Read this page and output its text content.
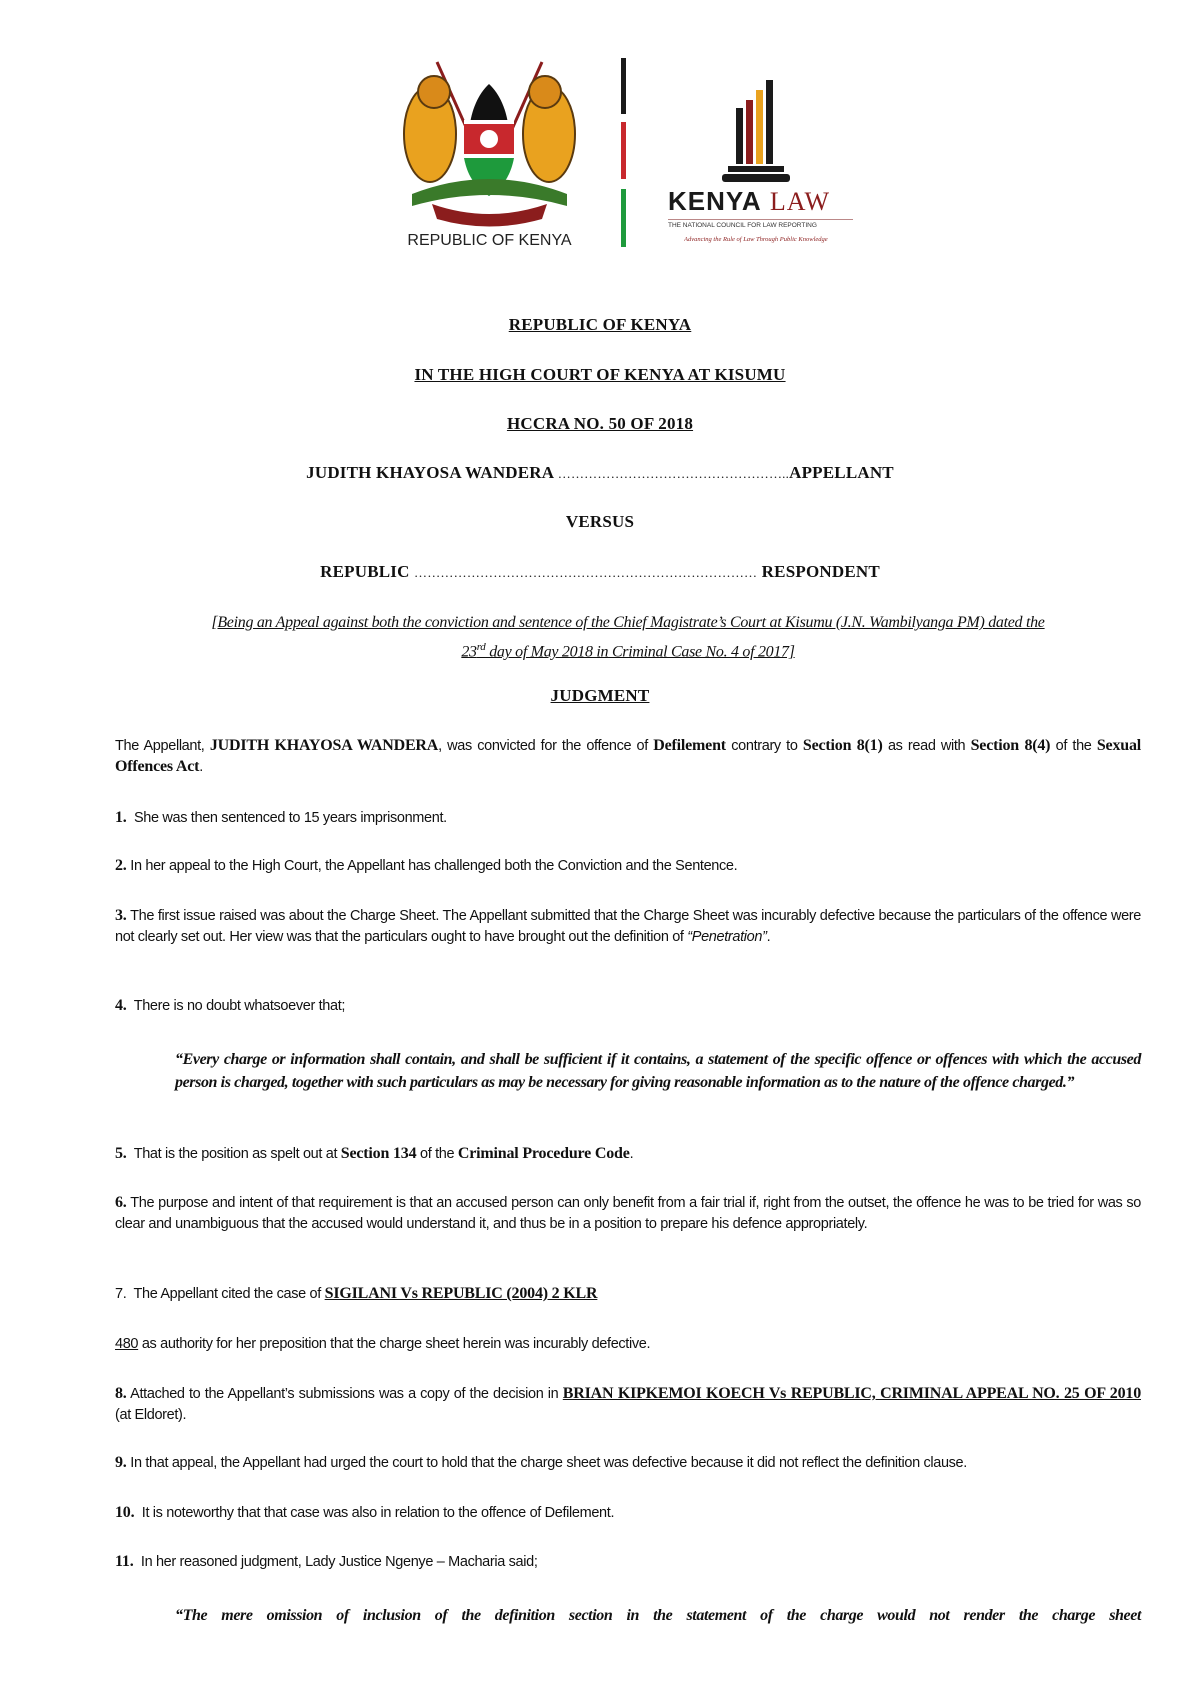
REPUBLIC OF KENYA
KENYA LAW
THE NATIONAL COUNCIL FOR LAW REPORTING
Advancing the Rule of Law Through Public Knowledge
REPUBLIC OF KENYA
IN THE HIGH COURT OF KENYA AT KISUMU
HCCRA NO. 50 OF 2018
JUDITH KHAYOSA WANDERA ……………………………………………..APPELLANT
VERSUS
REPUBLIC …………………………………………………………………… RESPONDENT
[Being an Appeal against both the conviction and sentence of the Chief Magistrate’s Court at Kisumu (J.N. Wambilyanga PM) dated the
23rd day of May 2018 in Criminal Case No. 4 of 2017]
JUDGMENT
The Appellant, JUDITH KHAYOSA WANDERA, was convicted for the offence of Defilement contrary to Section 8(1) as read with Section 8(4) of the Sexual Offences Act.
1.  She was then sentenced to 15 years imprisonment.
2. In her appeal to the High Court, the Appellant has challenged both the Conviction and the Sentence.
3. The first issue raised was about the Charge Sheet. The Appellant submitted that the Charge Sheet was incurably defective because the particulars of the offence were not clearly set out. Her view was that the particulars ought to have brought out the definition of “Penetration”.
4.  There is no doubt whatsoever that;
“Every charge or information shall contain, and shall be sufficient if it contains, a statement of the specific offence or offences with which the accused person is charged, together with such particulars as may be necessary for giving reasonable information as to the nature of the offence charged.”
5.  That is the position as spelt out at Section 134 of the Criminal Procedure Code.
6. The purpose and intent of that requirement is that an accused person can only benefit from a fair trial if, right from the outset, the offence he was to be tried for was so clear and unambiguous that the accused would understand it, and thus be in a position to prepare his defence appropriately.
7.  The Appellant cited the case of SIGILANI Vs REPUBLIC (2004) 2 KLR
480 as authority for her preposition that the charge sheet herein was incurably defective.
8. Attached to the Appellant’s submissions was a copy of the decision in BRIAN KIPKEMOI KOECH Vs REPUBLIC, CRIMINAL APPEAL NO. 25 OF 2010 (at Eldoret).
9. In that appeal, the Appellant had urged the court to hold that the charge sheet was defective because it did not reflect the definition clause.
10.  It is noteworthy that that case was also in relation to the offence of Defilement.
11.  In her reasoned judgment, Lady Justice Ngenye – Macharia said;
“The mere omission of inclusion of the definition section in the statement of the charge would not render the charge sheet
